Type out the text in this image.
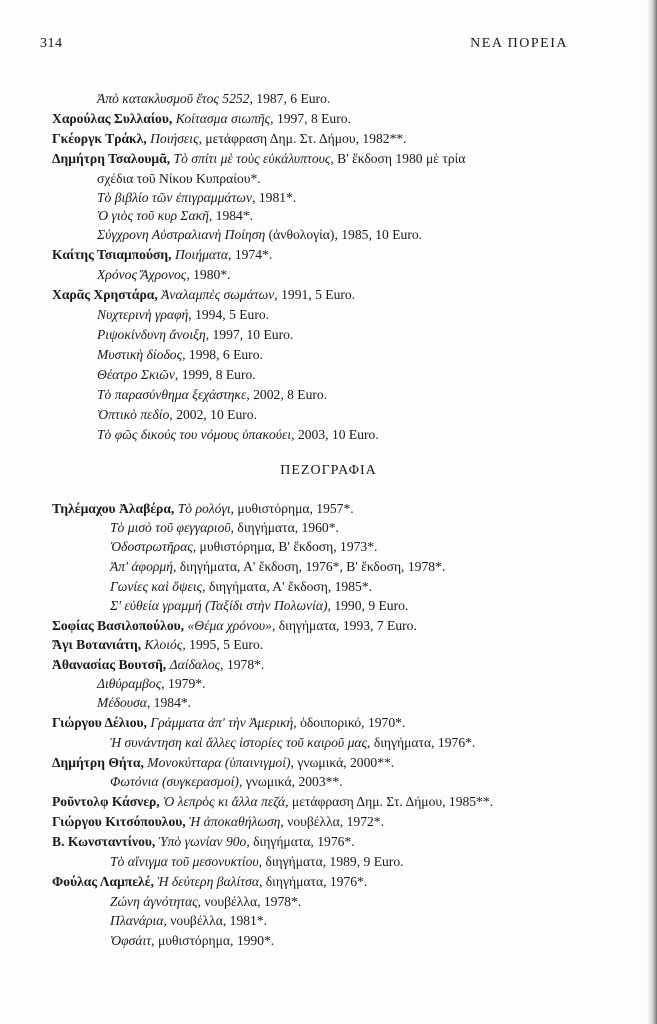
314	ΝΕΑ ΠΟΡΕΙΑ
Ἀπὸ κατακλυσμοῦ ἔτος 5252, 1987, 6 Euro.
Χαρούλας Συλλαίου, Κοίτασμα σιωπῆς, 1997, 8 Euro.
Γκέοργκ Τράκλ, Ποιήσεις, μετάφραση Δημ. Στ. Δήμου, 1982**.
Δημήτρη Τσαλουμᾶ, Τὸ σπίτι μὲ τοὺς εὐκάλυπτους, Β' ἔκδοση 1980 μὲ τρία
σχέδια τοῦ Νίκου Κυπραίου*.
Τὸ βιβλίο τῶν ἐπιγραμμάτων, 1981*.
Ὁ γιὸς τοῦ κυρ Σακῆ, 1984*.
Σύγχρονη Αὐστραλιανὴ Ποίηση (ἀνθολογία), 1985, 10 Euro.
Καίτης Τσιαμπούση, Ποιήματα, 1974*.
Χρόνος Ἄχρονος, 1980*.
Χαρᾶς Χρηστάρα, Ἀναλαμπὲς σωμάτων, 1991, 5 Euro.
Νυχτερινὴ γραφή, 1994, 5 Euro.
Ριψοκίνδυνη ἄνοιξη, 1997, 10 Euro.
Μυστικὴ δίοδος, 1998, 6 Euro.
Θέατρο Σκιῶν, 1999, 8 Euro.
Τὸ παρασύνθημα ξεχάστηκε, 2002, 8 Euro.
Ὀπτικὸ πεδίο, 2002, 10 Euro.
Τὸ φῶς δικούς του νόμους ὑπακούει, 2003, 10 Euro.
Τηλέμαχου Ἀλαβέρα, Τὸ ρολόγι, μυθιστόρημα, 1957*.
Τὸ μισὸ τοῦ φεγγαριοῦ, διηγήματα, 1960*.
Ὁδοστρωτῆρας, μυθιστόρημα, Β' ἔκδοση, 1973*.
Ἀπ' ἀφορμή, διηγήματα, Α' ἔκδοση, 1976*, Β' ἔκδοση, 1978*.
Γωνίες καὶ ὄψεις, διηγήματα, Α' ἔκδοση, 1985*.
Σ' εὐθεία γραμμή (Ταξίδι στὴν Πολωνία), 1990, 9 Euro.
Σοφίας Βασιλοπούλου, «Θέμα χρόνου», διηγήματα, 1993, 7 Euro.
Ἄγι Βοτανιάτη, Κλοιός, 1995, 5 Euro.
Ἀθανασίας Βουτσῆ, Δαίδαλος, 1978*.
Διθύραμβος, 1979*.
Μέδουσα, 1984*.
Γιώργου Δέλιου, Γράμματα ἀπ' τὴν Ἀμερική, ὁδοιπορικό, 1970*.
Ἡ συνάντηση καὶ ἄλλες ἱστορίες τοῦ καιροῦ μας, διηγήματα, 1976*.
Δημήτρη Θήτα, Μονοκύτταρα (ὑπαινιγμοί), γνωμικά, 2000**.
Φωτόνια (συγκερασμοί), γνωμικά, 2003**.
Ροῦντολφ Κάσνερ, Ὁ λεπρὸς κι ἄλλα πεζά, μετάφραση Δημ. Στ. Δήμου, 1985**.
Γιώργου Κιτσόπουλου, Ἡ ἀποκαθήλωση, νουβέλλα, 1972*.
Β. Κωνσταντίνου, Ὑπὸ γωνίαν 90ο, διηγήματα, 1976*.
Τὸ αἴνιγμα τοῦ μεσονυκτίου, διηγήματα, 1989, 9 Euro.
Φούλας Λαμπελέ, Ἡ δεύτερη βαλίτσα, διηγήματα, 1976*.
Ζώνη ἀγνότητας, νουβέλλα, 1978*.
Πλανάρια, νουβέλλα, 1981*.
Ὀφσάιτ, μυθιστόρημα, 1990*.
ΠΕΖΟΓΡΑΦΙΑ
